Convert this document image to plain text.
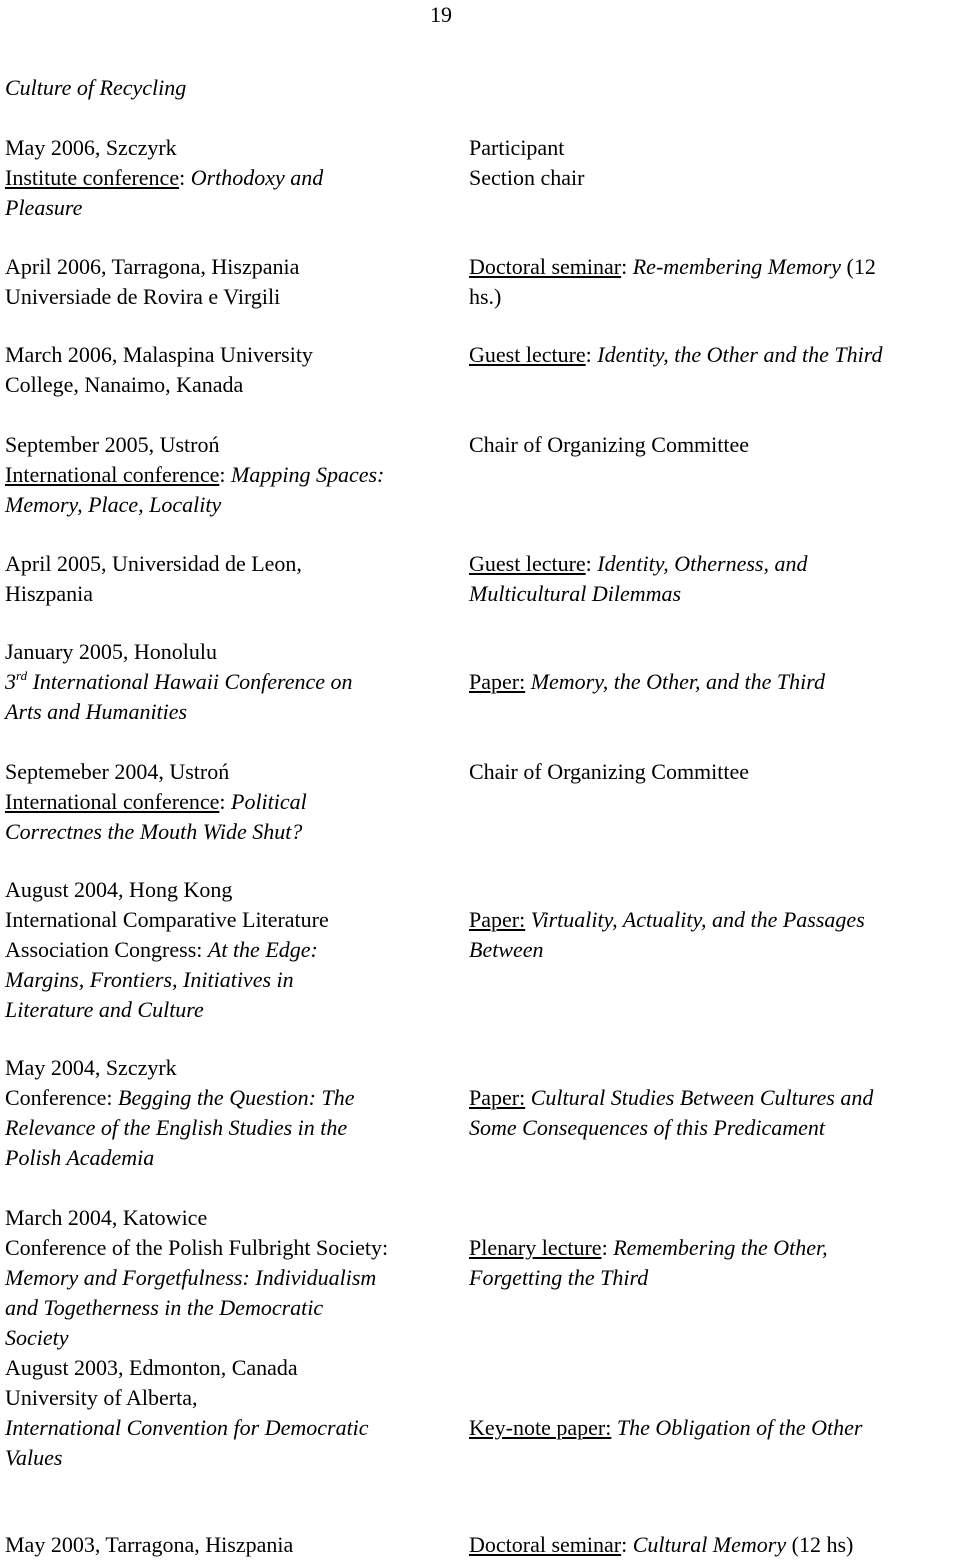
19
Culture of Recycling
May 2006, Szczyrk
Institute conference: Orthodoxy and
Pleasure
Participant
Section chair
April 2006, Tarragona, Hiszpania
Universiade de Rovira e Virgili
Doctoral seminar: Re-membering Memory (12
hs.)
March 2006, Malaspina University
College, Nanaimo, Kanada
Guest lecture: Identity, the Other and the Third
September 2005, Ustroń
International conference: Mapping Spaces:
Memory, Place, Locality
Chair of Organizing Committee
April 2005, Universidad de Leon,
Hiszpania
Guest lecture: Identity, Otherness, and
Multicultural Dilemmas
January 2005, Honolulu
3rd International Hawaii Conference on
Arts and Humanities
Paper: Memory, the Other, and the Third
Septemeber 2004, Ustroń
International conference: Political
Correctnes the Mouth Wide Shut?
Chair of Organizing Committee
August 2004, Hong Kong
International Comparative Literature
Association Congress: At the Edge:
Margins, Frontiers, Initiatives in
Literature and Culture
Paper: Virtuality, Actuality, and the Passages
Between
May 2004, Szczyrk
Conference: Begging the Question: The
Relevance of the English Studies in the
Polish Academia
Paper: Cultural Studies Between Cultures and
Some Consequences of this Predicament
March 2004, Katowice
Conference of the Polish Fulbright Society:
Memory and Forgetfulness: Individualism
and Togetherness in the Democratic
Society
August 2003, Edmonton, Canada
University of Alberta,
International Convention for Democratic
Values
Plenary lecture: Remembering the Other,
Forgetting the Third
Key-note paper: The Obligation of the Other
May 2003, Tarragona, Hiszpania	Doctoral seminar: Cultural Memory (12 hs)
